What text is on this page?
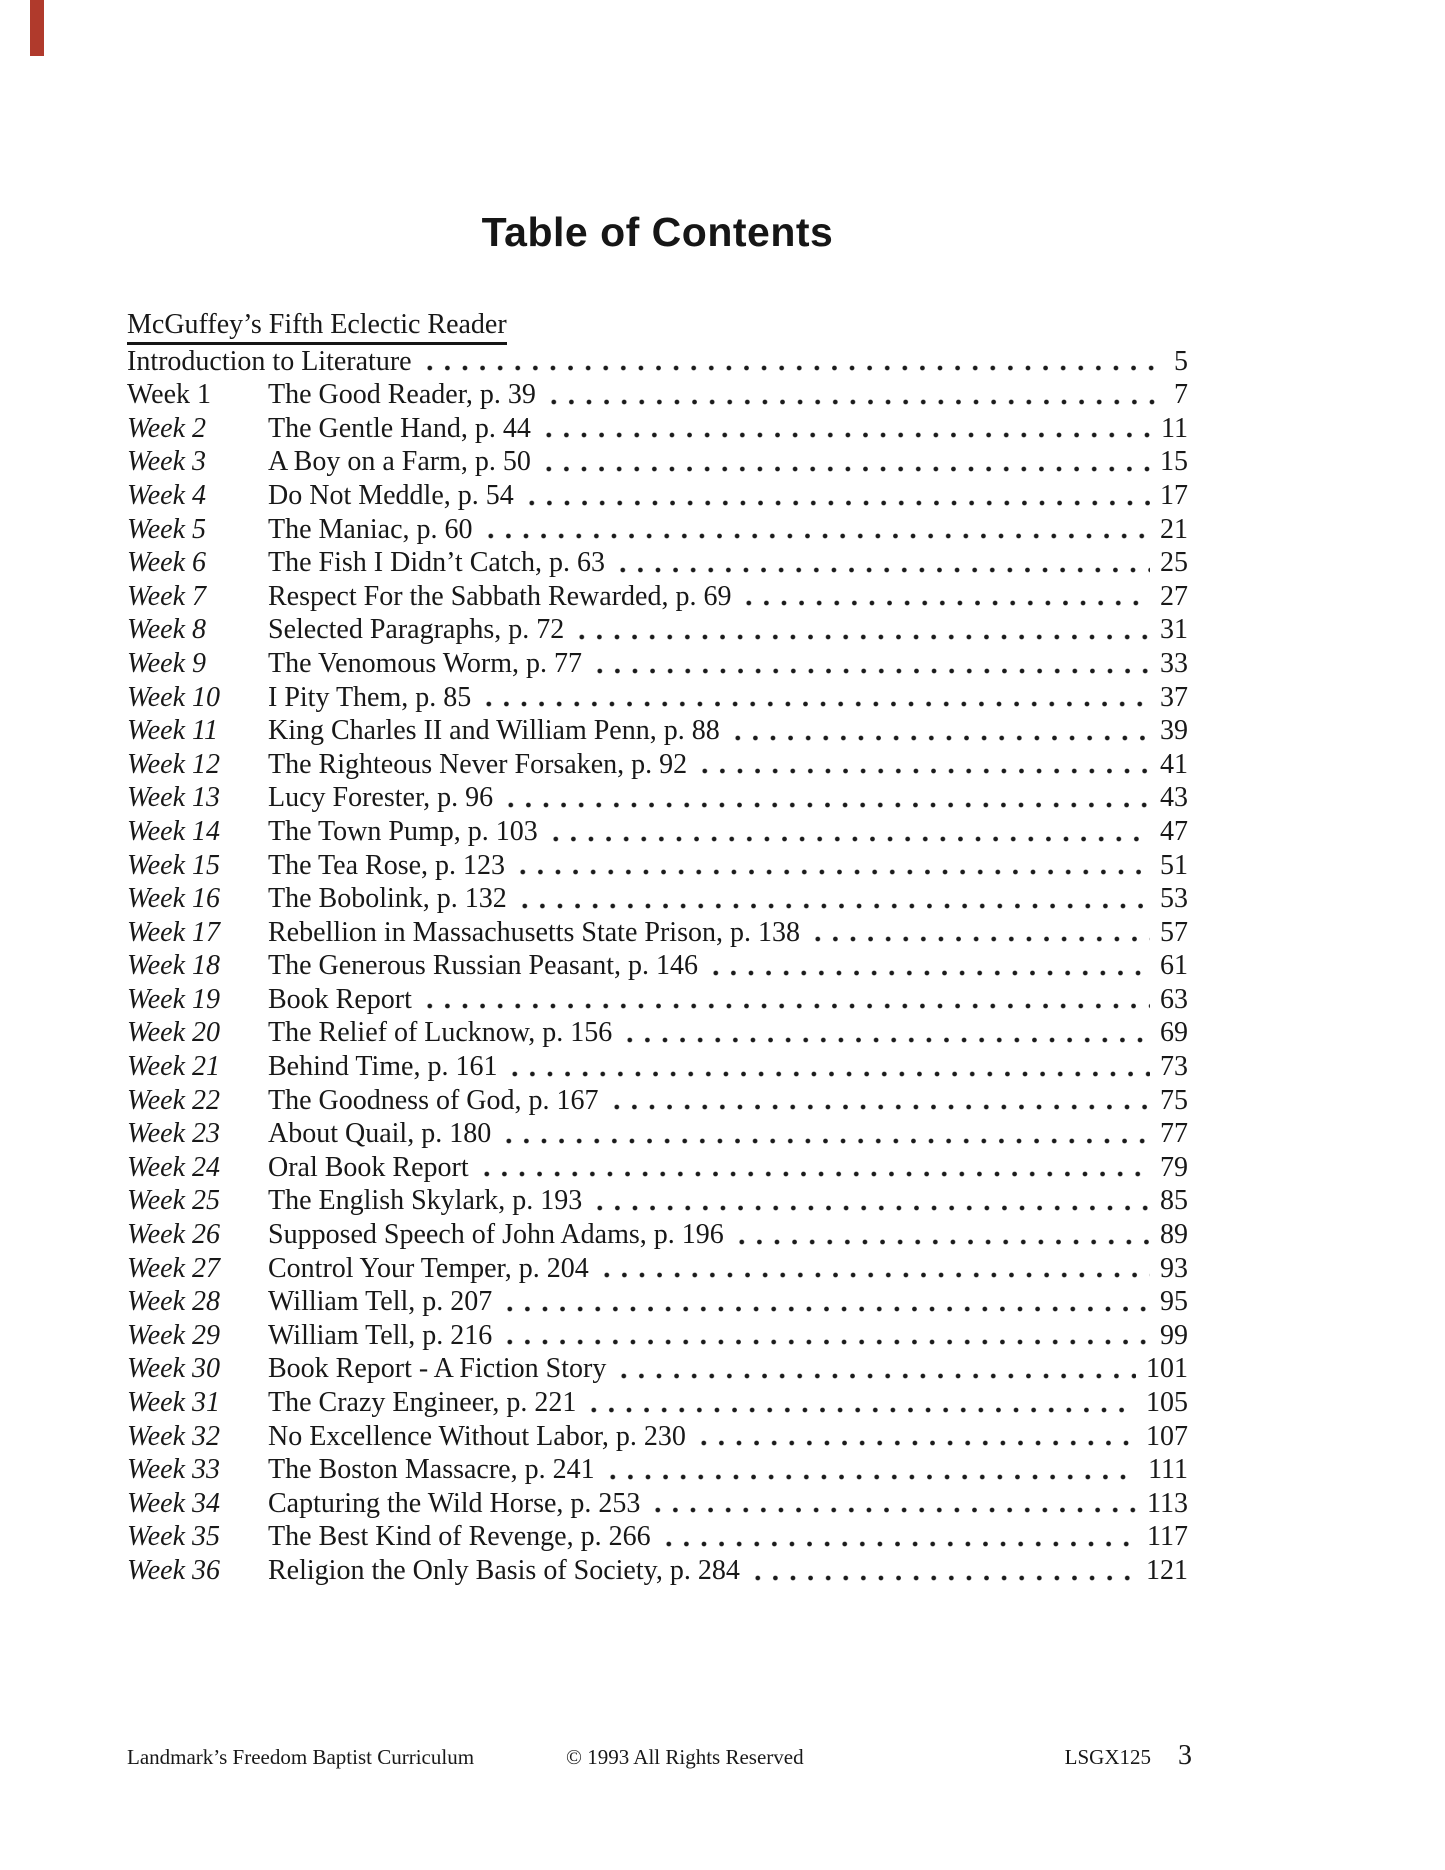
Table of Contents
McGuffey’s Fifth Eclectic Reader
Introduction to Literature	5
Week 1	The Good Reader, p. 39	7
Week 2	The Gentle Hand, p. 44	11
Week 3	A Boy on a Farm, p. 50	15
Week 4	Do Not Meddle, p. 54	17
Week 5	The Maniac, p. 60	21
Week 6	The Fish I Didn’t Catch, p. 63	25
Week 7	Respect For the Sabbath Rewarded, p. 69	27
Week 8	Selected Paragraphs, p. 72	31
Week 9	The Venomous Worm, p. 77	33
Week 10	I Pity Them, p. 85	37
Week 11	King Charles II and William Penn, p. 88	39
Week 12	The Righteous Never Forsaken, p. 92	41
Week 13	Lucy Forester, p. 96	43
Week 14	The Town Pump, p. 103	47
Week 15	The Tea Rose, p. 123	51
Week 16	The Bobolink, p. 132	53
Week 17	Rebellion in Massachusetts State Prison, p. 138	57
Week 18	The Generous Russian Peasant, p. 146	61
Week 19	Book Report	63
Week 20	The Relief of Lucknow, p. 156	69
Week 21	Behind Time, p. 161	73
Week 22	The Goodness of God, p. 167	75
Week 23	About Quail, p. 180	77
Week 24	Oral Book Report	79
Week 25	The English Skylark, p. 193	85
Week 26	Supposed Speech of John Adams, p. 196	89
Week 27	Control Your Temper, p. 204	93
Week 28	William Tell, p. 207	95
Week 29	William Tell, p. 216	99
Week 30	Book Report - A Fiction Story	101
Week 31	The Crazy Engineer, p. 221	105
Week 32	No Excellence Without Labor, p. 230	107
Week 33	The Boston Massacre, p. 241	111
Week 34	Capturing the Wild Horse, p. 253	113
Week 35	The Best Kind of Revenge, p. 266	117
Week 36	Religion the Only Basis of Society, p. 284	121
Landmark’s Freedom Baptist Curriculum	© 1993 All Rights Reserved	LSGX125 3
